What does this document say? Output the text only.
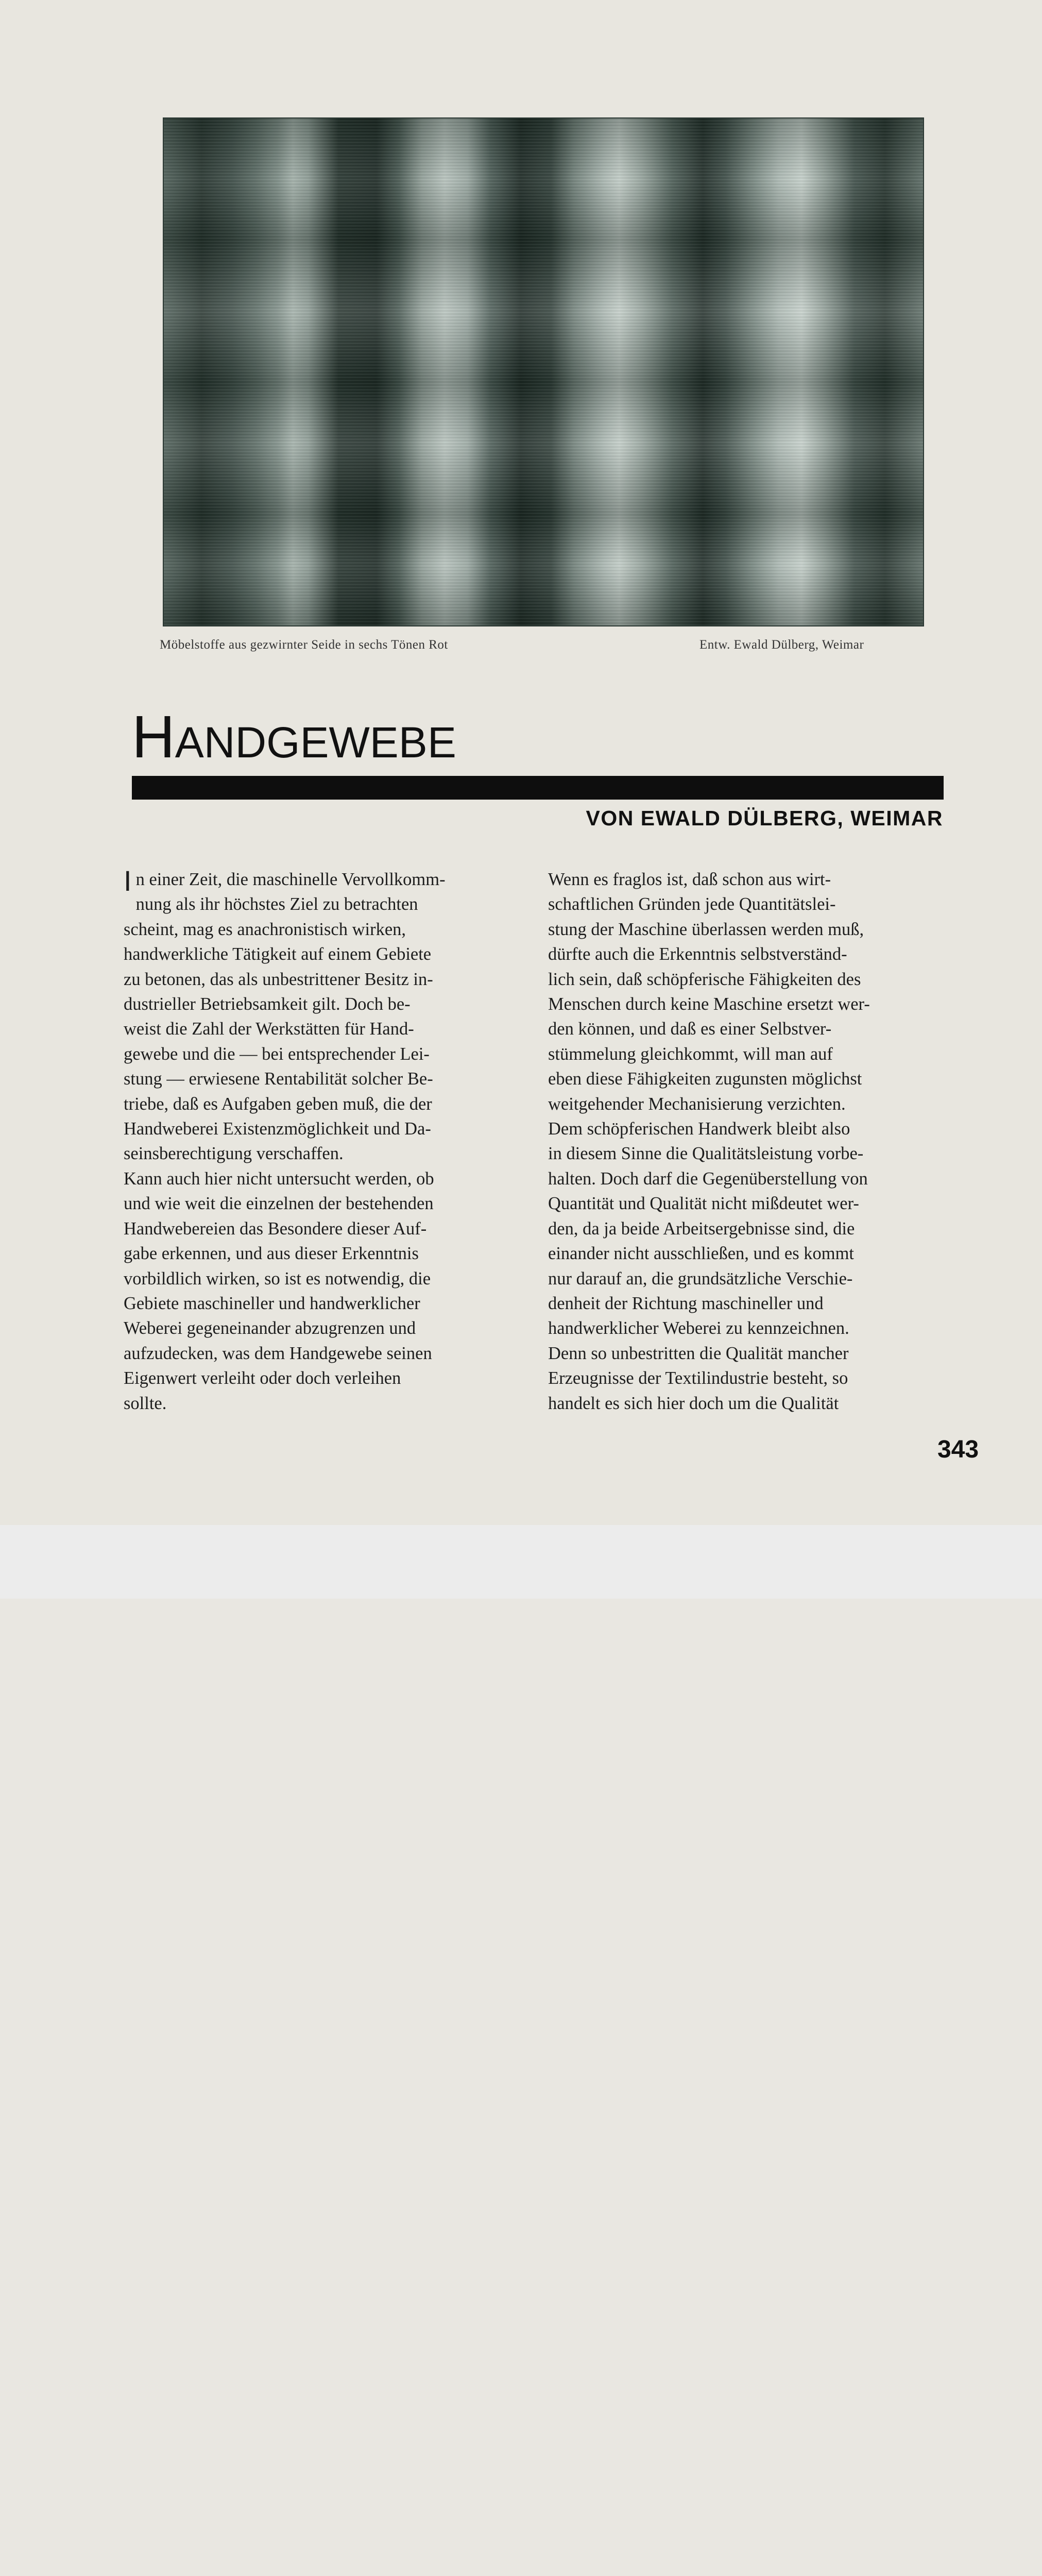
Möbelstoffe aus gezwirnter Seide in sechs Tönen Rot	Entw. Ewald Dülberg, Weimar
HANDGEWEBE
VON EWALD DÜLBERG, WEIMAR
I n einer Zeit, die maschinelle Vervollkomm-
nung als ihr höchstes Ziel zu betrachten
scheint, mag es anachronistisch wirken,
handwerkliche Tätigkeit auf einem Gebiete
zu betonen, das als unbestrittener Besitz in-
dustrieller Betriebsamkeit gilt. Doch be-
weist die Zahl der Werkstätten für Hand-
gewebe und die — bei entsprechender Lei-
stung — erwiesene Rentabilität solcher Be-
triebe, daß es Aufgaben geben muß, die der
Handweberei Existenzmöglichkeit und Da-
seinsberechtigung verschaffen.
Kann auch hier nicht untersucht werden, ob
und wie weit die einzelnen der bestehenden
Handwebereien das Besondere dieser Auf-
gabe erkennen, und aus dieser Erkenntnis
vorbildlich wirken, so ist es notwendig, die
Gebiete maschineller und handwerklicher
Weberei gegeneinander abzugrenzen und
aufzudecken, was dem Handgewebe seinen
Eigenwert verleiht oder doch verleihen
sollte.
Wenn es fraglos ist, daß schon aus wirt-
schaftlichen Gründen jede Quantitätslei-
stung der Maschine überlassen werden muß,
dürfte auch die Erkenntnis selbstverständ-
lich sein, daß schöpferische Fähigkeiten des
Menschen durch keine Maschine ersetzt wer-
den können, und daß es einer Selbstver-
stümmelung gleichkommt, will man auf
eben diese Fähigkeiten zugunsten möglichst
weitgehender Mechanisierung verzichten.
Dem schöpferischen Handwerk bleibt also
in diesem Sinne die Qualitätsleistung vorbe-
halten. Doch darf die Gegenüberstellung von
Quantität und Qualität nicht mißdeutet wer-
den, da ja beide Arbeitsergebnisse sind, die
einander nicht ausschließen, und es kommt
nur darauf an, die grundsätzliche Verschie-
denheit der Richtung maschineller und
handwerklicher Weberei zu kennzeichnen.
Denn so unbestritten die Qualität mancher
Erzeugnisse der Textilindustrie besteht, so
handelt es sich hier doch um die Qualität
343
